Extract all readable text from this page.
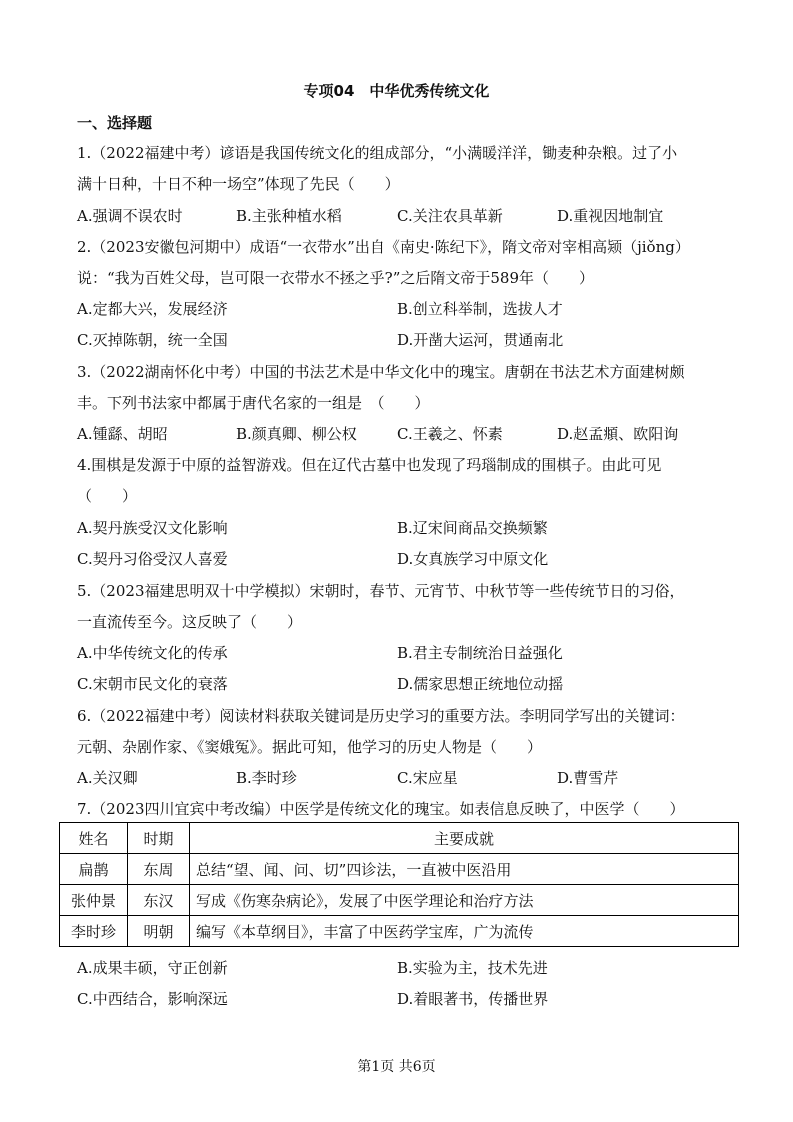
专项04　中华优秀传统文化
一、选择题
1.（2022福建中考）谚语是我国传统文化的组成部分，“小满暖洋洋，锄麦种杂粮。过了小
满十日种，十日不种一场空”体现了先民（　　）
A.强调不误农时	B.主张种植水稻	C.关注农具革新	D.重视因地制宜
2.（2023安徽包河期中）成语“一衣带水”出自《南史·陈纪下》，隋文帝对宰相高颎（jiǒng）
说：“我为百姓父母，岂可限一衣带水不拯之乎?”之后隋文帝于589年（　　）
A.定都大兴，发展经济	B.创立科举制，选拔人才
C.灭掉陈朝，统一全国	D.开凿大运河，贯通南北
3.（2022湖南怀化中考）中国的书法艺术是中华文化中的瑰宝。唐朝在书法艺术方面建树颇
丰。下列书法家中都属于唐代名家的一组是　（　　）
A.锺繇、胡昭	B.颜真卿、柳公权	C.王羲之、怀素	D.赵孟頫、欧阳询
4.围棋是发源于中原的益智游戏。但在辽代古墓中也发现了玛瑙制成的围棋子。由此可见
（　　）
A.契丹族受汉文化影响	B.辽宋间商品交换频繁
C.契丹习俗受汉人喜爱	D.女真族学习中原文化
5.（2023福建思明双十中学模拟）宋朝时，春节、元宵节、中秋节等一些传统节日的习俗，
一直流传至今。这反映了（　　）
A.中华传统文化的传承	B.君主专制统治日益强化
C.宋朝市民文化的衰落	D.儒家思想正统地位动摇
6.（2022福建中考）阅读材料获取关键词是历史学习的重要方法。李明同学写出的关键词：
元朝、杂剧作家、《窦娥冤》。据此可知，他学习的历史人物是（　　）
A.关汉卿	B.李时珍	C.宋应星	D.曹雪芹
7.（2023四川宜宾中考改编）中医学是传统文化的瑰宝。如表信息反映了，中医学（　　）
姓名	时期	主要成就
扁鹊	东周	总结“望、闻、问、切”四诊法，一直被中医沿用
张仲景	东汉	写成《伤寒杂病论》，发展了中医学理论和治疗方法
李时珍	明朝	编写《本草纲目》，丰富了中医药学宝库，广为流传
A.成果丰硕，守正创新	B.实验为主，技术先进
C.中西结合，影响深远	D.着眼著书，传播世界
第1页 共6页
